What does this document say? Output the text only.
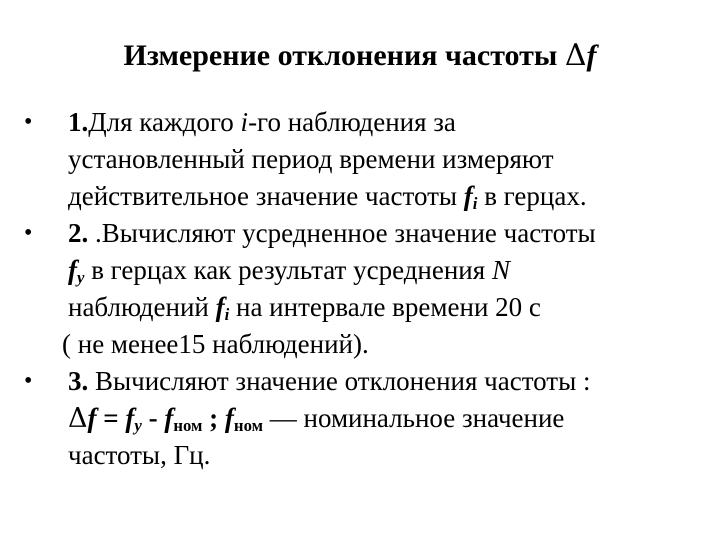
Измерение отклонения частоты Δf
•	1.Для каждого i-го наблюдения за
установленный период времени измеряют
действительное значение частоты $f_i$ в герцах.
•	2. .Вычисляют усредненное значение частоты
$f_y$ в герцах как результат усреднения N
наблюдений $f_i$ на интервале времени 20 с
( не менее15 наблюдений).
•	3. Вычисляют значение отклонения частоты :
$\Delta f = f_y - f_{ном}$ ; $f_{ном}$ — номинальное значение
частоты, Гц.
